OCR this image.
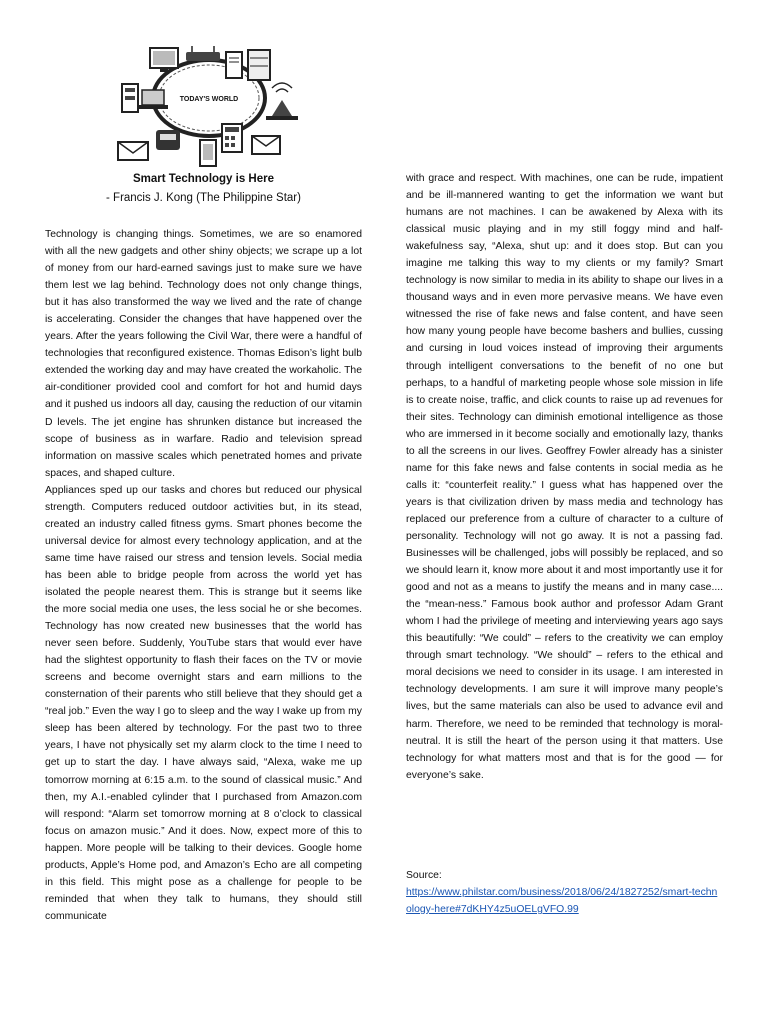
TODAY'S WORLD
Smart Technology is Here
- Francis J. Kong (The Philippine Star)

Technology is changing things. Sometimes, we are so enamored with all the new gadgets and other shiny objects; we scrape up a lot of money from our hard‐earned savings just to make sure we have them lest we lag behind. Technology does not only change things, but it has also transformed the way we lived and the rate of change is accelerating. Consider the changes that have happened over the years. After the years following the Civil War, there were a handful of technologies that reconfigured existence. Thomas Edison’s light bulb extended the working day and may have created the workaholic. The air-conditioner provided cool and comfort for hot and humid days and it pushed us indoors all day, causing the reduction of our vitamin D levels. The jet engine has shrunken distance but increased the scope of business as in warfare. Radio and television spread information on massive scales which penetrated homes and private spaces, and shaped culture.

Appliances sped up our tasks and chores but reduced our physical strength. Computers reduced outdoor activities but, in its stead, created an industry called fitness gyms. Smart phones become the universal device for almost every technology application, and at the same time have raised our stress and tension levels. Social media has been able to bridge people from across the world yet has isolated the people nearest them. This is strange but it seems like the more social media one uses, the less social he or she becomes. Technology has now created new businesses that the world has never seen before. Suddenly, YouTube stars that would ever have had the slightest opportunity to flash their faces on the TV or movie screens and become overnight stars and earn millions to the consternation of their parents who still believe that they should get a “real job.” Even the way I go to sleep and the way I wake up from my sleep has been altered by technology. For the past two to three years, I have not physically set my alarm clock to the time I need to get up to start the day. I have always said, “Alexa, wake me up tomorrow morning at 6:15 a.m. to the sound of classical music.” And then, my A.I.-enabled cylinder that I purchased from Amazon.com will respond: “Alarm set tomorrow morning at 8 o’clock to classical focus on amazon music.” And it does. Now, expect more of this to happen. More people will be talking to their devices. Google home products, Apple’s Home pod, and Amazon’s Echo are all competing in this field. This might pose as a challenge for people to be reminded that when they talk to humans, they should still communicate

with grace and respect. With machines, one can be rude, impatient and be ill-mannered wanting to get the information we want but humans are not machines. I can be awakened by Alexa with its classical music playing and in my still foggy mind and half-wakefulness say, “Alexa, shut up: and it does stop. But can you imagine me talking this way to my clients or my family? Smart technology is now similar to media in its ability to shape our lives in a thousand ways and in even more pervasive means. We have even witnessed the rise of fake news and false content, and have seen how many young people have become bashers and bullies, cussing and cursing in loud voices instead of improving their arguments through intelligent conversations to the benefit of no one but perhaps, to a handful of marketing people whose sole mission in life is to create noise, traffic, and click counts to raise up ad revenues for their sites. Technology can diminish emotional intelligence as those who are immersed in it become socially and emotionally lazy, thanks to all the screens in our lives. Geoffrey Fowler already has a sinister name for this fake news and false contents in social media as he calls it: “counterfeit reality.” I guess what has happened over the years is that civilization driven by mass media and technology has replaced our preference from a culture of character to a culture of personality. Technology will not go away. It is not a passing fad. Businesses will be challenged, jobs will possibly be replaced, and so we should learn it, know more about it and most importantly use it for good and not as a means to justify the means and in many case.... the “mean-ness.” Famous book author and professor Adam Grant whom I had the privilege of meeting and interviewing years ago says this beautifully: “We could” – refers to the creativity we can employ through smart technology. “We should” – refers to the ethical and moral decisions we need to consider in its usage. I am interested in technology developments. I am sure it will improve many people’s lives, but the same materials can also be used to advance evil and harm. Therefore, we need to be reminded that technology is moral-neutral. It is still the heart of the person using it that matters. Use technology for what matters most and that is for the good — for everyone’s sake.

Source:
https://www.philstar.com/business/2018/06/24/1827252/smart-technology-here#7dKHY4z5uOELgVFO.99
